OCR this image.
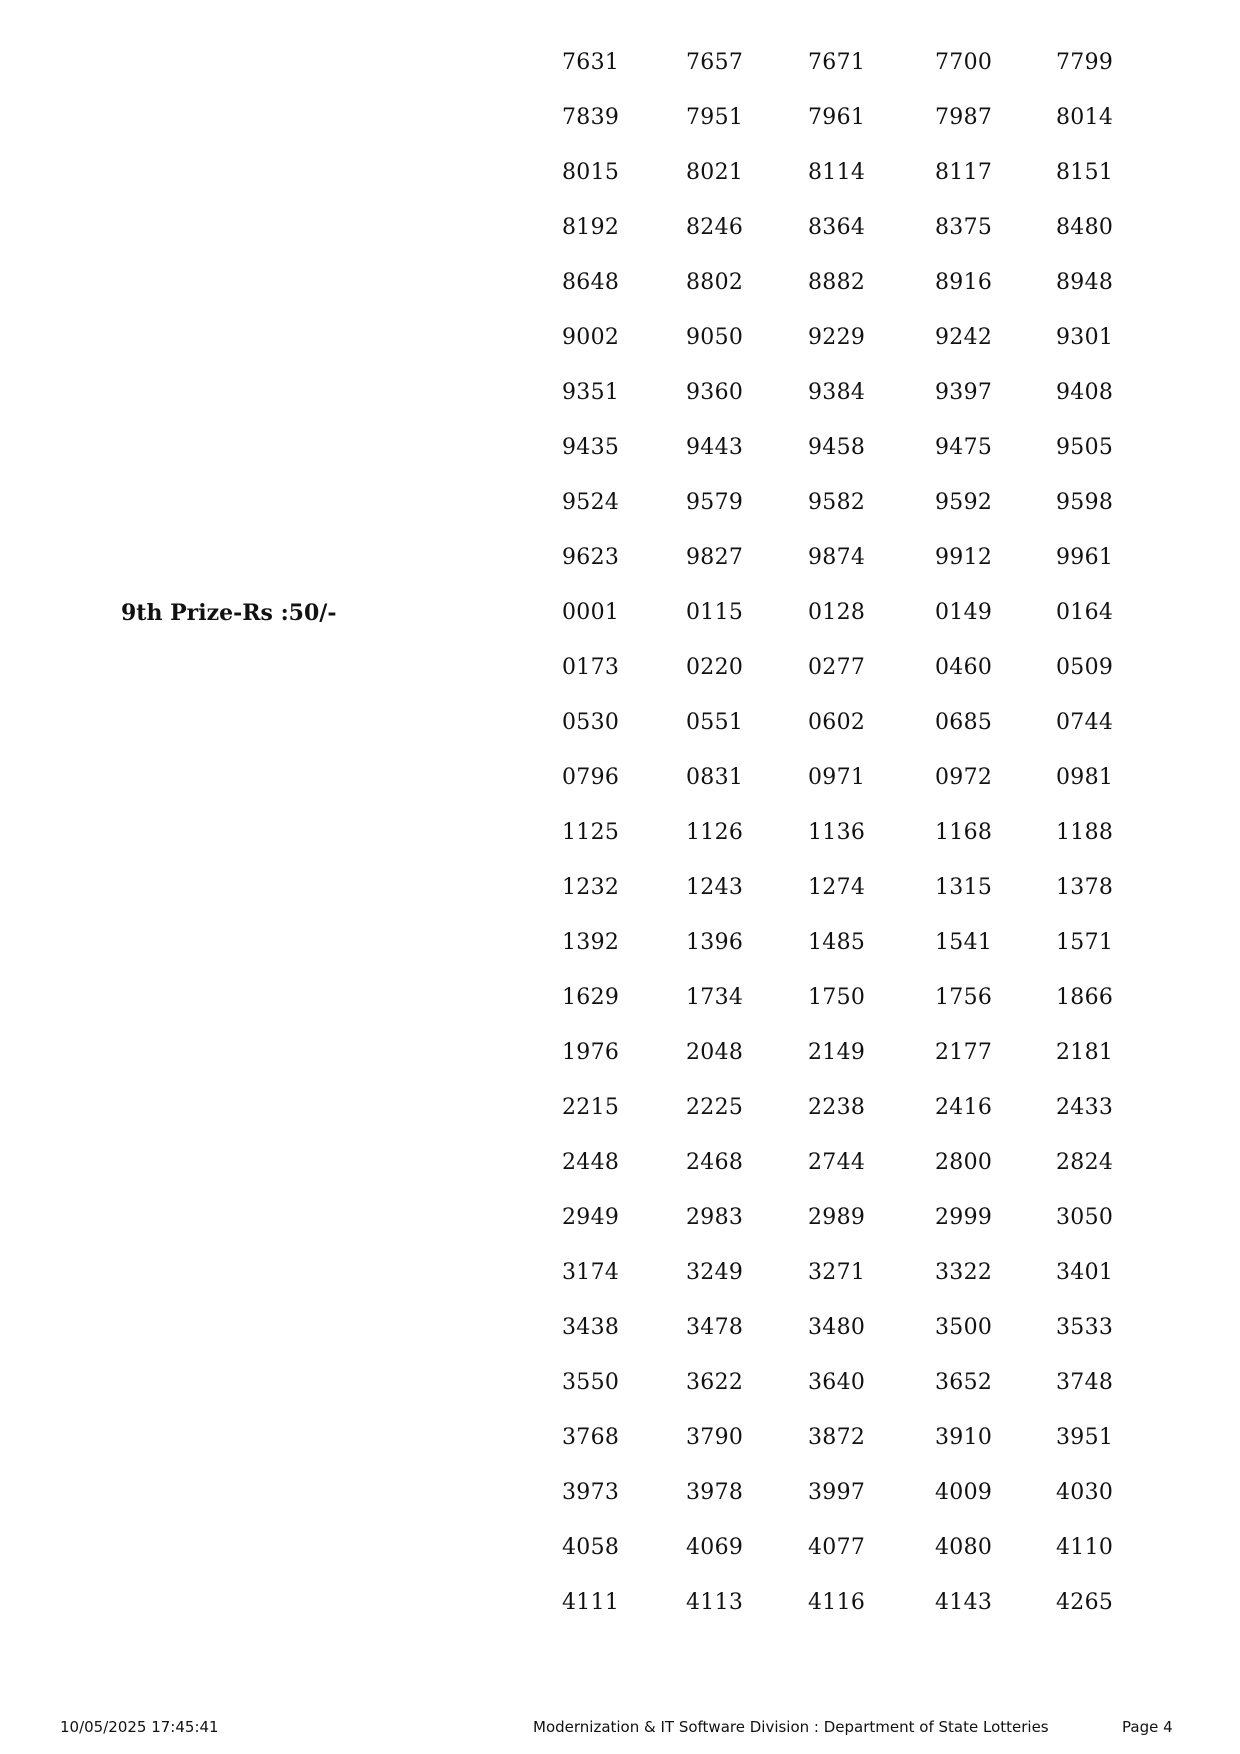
7631	7657	7671	7700	7799
7839	7951	7961	7987	8014
8015	8021	8114	8117	8151
8192	8246	8364	8375	8480
8648	8802	8882	8916	8948
9002	9050	9229	9242	9301
9351	9360	9384	9397	9408
9435	9443	9458	9475	9505
9524	9579	9582	9592	9598
9623	9827	9874	9912	9961
9th Prize-Rs :50/-	0001	0115	0128	0149	0164
0173	0220	0277	0460	0509
0530	0551	0602	0685	0744
0796	0831	0971	0972	0981
1125	1126	1136	1168	1188
1232	1243	1274	1315	1378
1392	1396	1485	1541	1571
1629	1734	1750	1756	1866
1976	2048	2149	2177	2181
2215	2225	2238	2416	2433
2448	2468	2744	2800	2824
2949	2983	2989	2999	3050
3174	3249	3271	3322	3401
3438	3478	3480	3500	3533
3550	3622	3640	3652	3748
3768	3790	3872	3910	3951
3973	3978	3997	4009	4030
4058	4069	4077	4080	4110
4111	4113	4116	4143	4265
10/05/2025 17:45:41	Modernization & IT Software Division : Department of State Lotteries	Page 4
